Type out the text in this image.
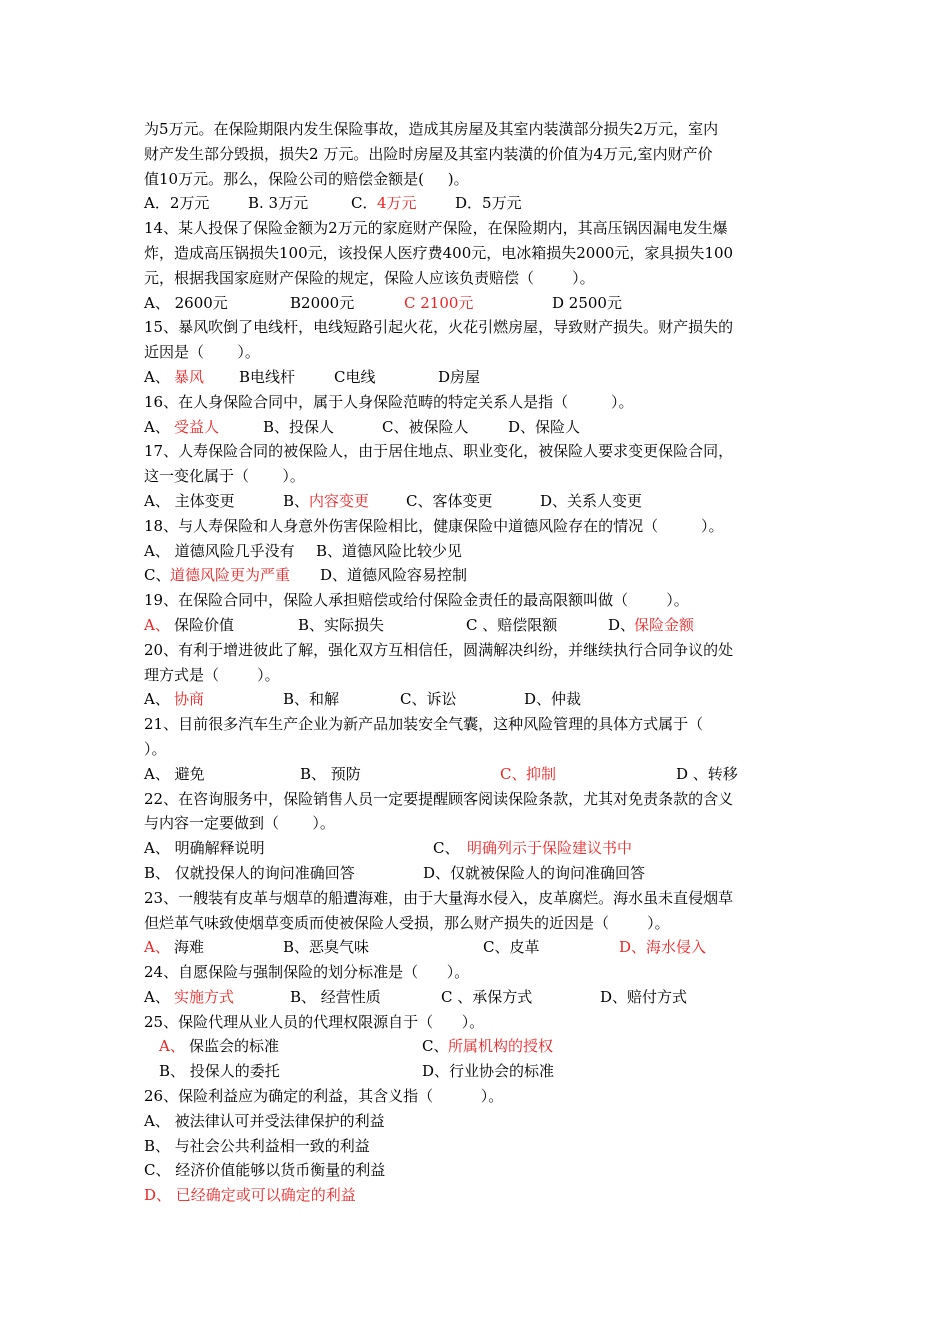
为5万元。在保险期限内发生保险事故，造成其房屋及其室内装潢部分损失2万元，室内
财产发生部分毁损，损失2 万元。出险时房屋及其室内装潢的价值为4万元,室内财产价
值10万元。那么，保险公司的赔偿金额是(     )。
A．2万元	B. 3万元	C． 4万元	D．5万元
14、某人投保了保险金额为2万元的家庭财产保险，在保险期内，其高压锅因漏电发生爆
炸，造成高压锅损失100元，该投保人医疗费400元，电冰箱损失2000元，家具损失100
元，根据我国家庭财产保险的规定，保险人应该负责赔偿（        ）。
A、 2600元	B2000元	C 2100元	D 2500元
15、暴风吹倒了电线杆，电线短路引起火花，火花引燃房屋，导致财产损失。财产损失的
近因是（       ）。
A、 暴风 B电线杆	C电线	D房屋
16、在人身保险合同中，属于人身保险范畴的特定关系人是指（         ）。
A、 受益人	B、投保人	C、被保险人	D、保险人
17、人寿保险合同的被保险人，由于居住地点、职业变化，被保险人要求变更保险合同，
这一变化属于（       ）。
A、 主体变更	B、 内容变更 C、客体变更	D、关系人变更
18、与人寿保险和人身意外伤害保险相比，健康保险中道德风险存在的情况（         ）。
A、 道德风险几乎没有 B、道德风险比较少见
C、 道德风险更为严重 D、道德风险容易控制
19、在保险合同中，保险人承担赔偿或给付保险金责任的最高限额叫做（        ）。
A、 保险价值	B、实际损失	C 、赔偿限额	D、
保险金额
20、有利于增进彼此了解，强化双方互相信任，圆满解决纠纷，并继续执行合同争议的处
理方式是（        ）。
A、 协商	B、和解	C、诉讼	D、仲裁
21、目前很多汽车生产企业为新产品加装安全气囊，这种风险管理的具体方式属于（
）。
A、 避免	B、 预防	C、 抑制	D 、转移
22、在咨询服务中，保险销售人员一定要提醒顾客阅读保险条款，尤其对免责条款的含义
与内容一定要做到（       ）。
A、 明确解释说明	C、 明确列示于保险建议书中
B、 仅就投保人的询问准确回答	D、仅就被保险人的询问准确回答
23、一艘装有皮革与烟草的船遭海难，由于大量海水侵入，皮革腐烂。海水虽未直侵烟草
但烂革气味致使烟草变质而使被保险人受损，那么财产损失的近因是（        ）。
A、 海难	B、恶臭气味	C、皮革	D、海水侵入
24、自愿保险与强制保险的划分标准是（      ）。
A、 实施方式	B、 经营性质	C 、承保方式	D、赔付方式
25、保险代理从业人员的代理权限源自于（      ）。
A、 保监会的标准	C、 所属机构的授权
B、 投保人的委托	D、行业协会的标准
26、保险利益应为确定的利益，其含义指（          ）。
A、 被法律认可并受法律保护的利益
B、 与社会公共利益相一致的利益
C、 经济价值能够以货币衡量的利益
D、 已经确定或可以确定的利益
